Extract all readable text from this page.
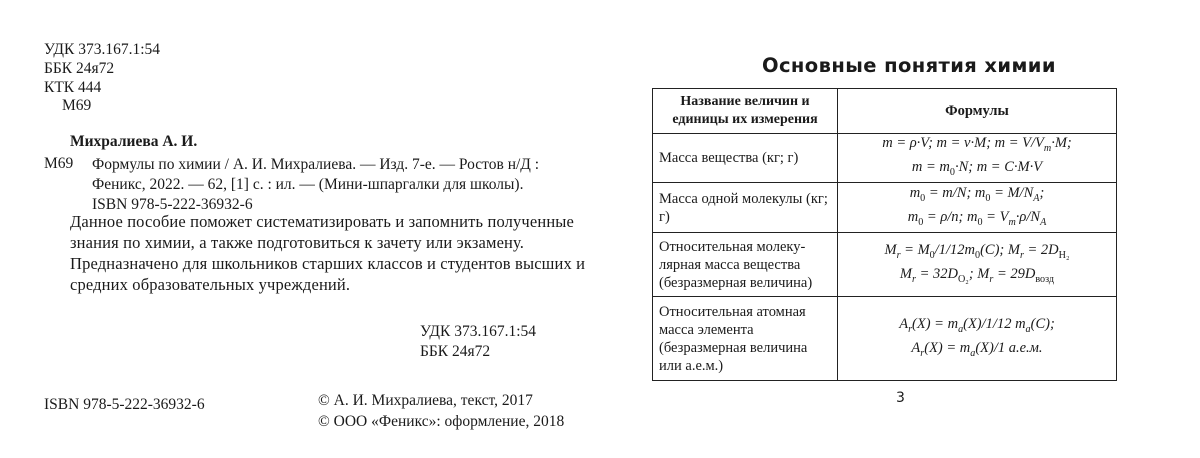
УДК 373.167.1:54
ББК 24я72
КТК 444
М69
Михралиева А. И.
М69 Формулы по химии / А. И. Михралиева. — Изд. 7-е. — Ростов н/Д : Феникс, 2022. — 62, [1] с. : ил. — (Мини-шпаргалки для школы).
ISBN 978-5-222-36932-6

Данное пособие поможет систематизировать и запомнить полученные знания по химии, а также подготовиться к зачету или экзамену.

Предназначено для школьников старших классов и студентов высших и средних образовательных учреждений.

УДК 373.167.1:54
ББК 24я72
ISBN 978-5-222-36932-6	© А. И. Михралиева, текст, 2017
© ООО «Феникс»: оформление, 2018
Основные понятия химии
Название величин и единицы их измерения	Формулы
Масса вещества (кг; г)	m = ρ·V; m = ν·M; $m = V/V_m\cdot M$;
$m = m_0\cdot N$; m = C·M·V

Масса одной молекулы (кг; г)	$m_0 = m/N$; $m_0 = M/N_A$;
$m_0 = \rho/n$; $m_0 = V_m\cdot\rho/N_A$

Относительная молеку-лярная масса вещества (безразмерная величина)	$M_r = M_0/1/12m_0(C)$; $M_r = 2D_{H_2}$
$M_r = 32D_{O_2}$; $M_r = 29D_{возд}$

Относительная атомная масса элемента (безразмерная величина или а.е.м.)	$A_r(X) = m_a(X)/1/12$ $m_a(C)$;
$A_r(X) = m_a(X)/1$ а.е.м.
3
